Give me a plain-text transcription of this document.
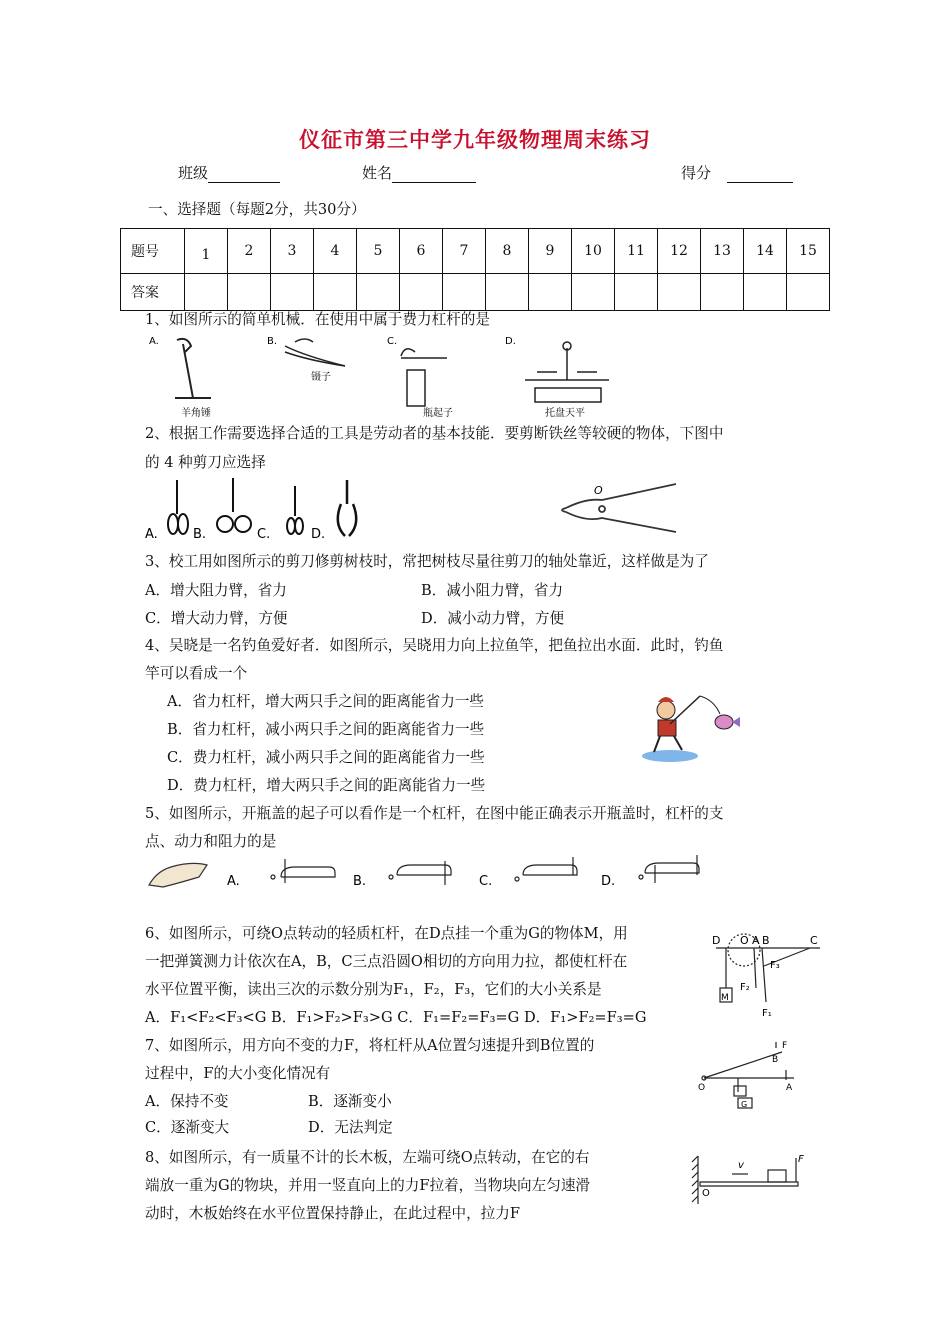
仪征市第三中学九年级物理周末练习
班级	姓名	得分
一、选择题（每题2分，共30分）
题号	1	2	3	4	5	6	7	8	9	10	11	12	13	14	15
答案															
1、如图所示的简单机械．在使用中属于费力杠杆的是
A.	B.	C.	D.
羊角锤
镊子
瓶起子	托盘天平
2、根据工作需要选择合适的工具是劳动者的基本技能．要剪断铁丝等较硬的物体，下图中
的 4 种剪刀应选择
A.	B.	C.	D.
O
3、校工用如图所示的剪刀修剪树枝时，常把树枝尽量往剪刀的轴处靠近，这样做是为了
A．增大阻力臂，省力	B．减小阻力臂，省力
C．增大动力臂，方便	D．减小动力臂，方便
4、吴晓是一名钓鱼爱好者．如图所示，吴晓用力向上拉鱼竿，把鱼拉出水面．此时，钓鱼
竿可以看成一个
A．省力杠杆，增大两只手之间的距离能省力一些
B．省力杠杆，减小两只手之间的距离能省力一些
C．费力杠杆，减小两只手之间的距离能省力一些
D．费力杠杆，增大两只手之间的距离能省力一些
5、如图所示，开瓶盖的起子可以看作是一个杠杆，在图中能正确表示开瓶盖时，杠杆的支
点、动力和阻力的是
A.	B.	C.	D.
6、如图所示，可绕O点转动的轻质杠杆，在D点挂一个重为G的物体M，用
一把弹簧测力计依次在A，B，C三点沿圆O相切的方向用力拉，都使杠杆在
水平位置平衡，读出三次的示数分别为F₁，F₂，F₃，它们的大小关系是
A．F₁<F₂<F₃<G B．F₁>F₂>F₃>G C．F₁=F₂=F₃=G D．F₁>F₂=F₃=G
D O A B	C
F₂
F₃
F₁
M
7、如图所示，用方向不变的力F，将杠杆从A位置匀速提升到B位置的
过程中，F的大小变化情况有
A．保持不变	B．逐渐变小
C．逐渐变大	D．无法判定
F
A
B
O
G
8、如图所示，有一质量不计的长木板，左端可绕O点转动，在它的右
端放一重为G的物块，并用一竖直向上的力F拉着，当物块向左匀速滑
动时，木板始终在水平位置保持静止，在此过程中，拉力F
v
F
O
